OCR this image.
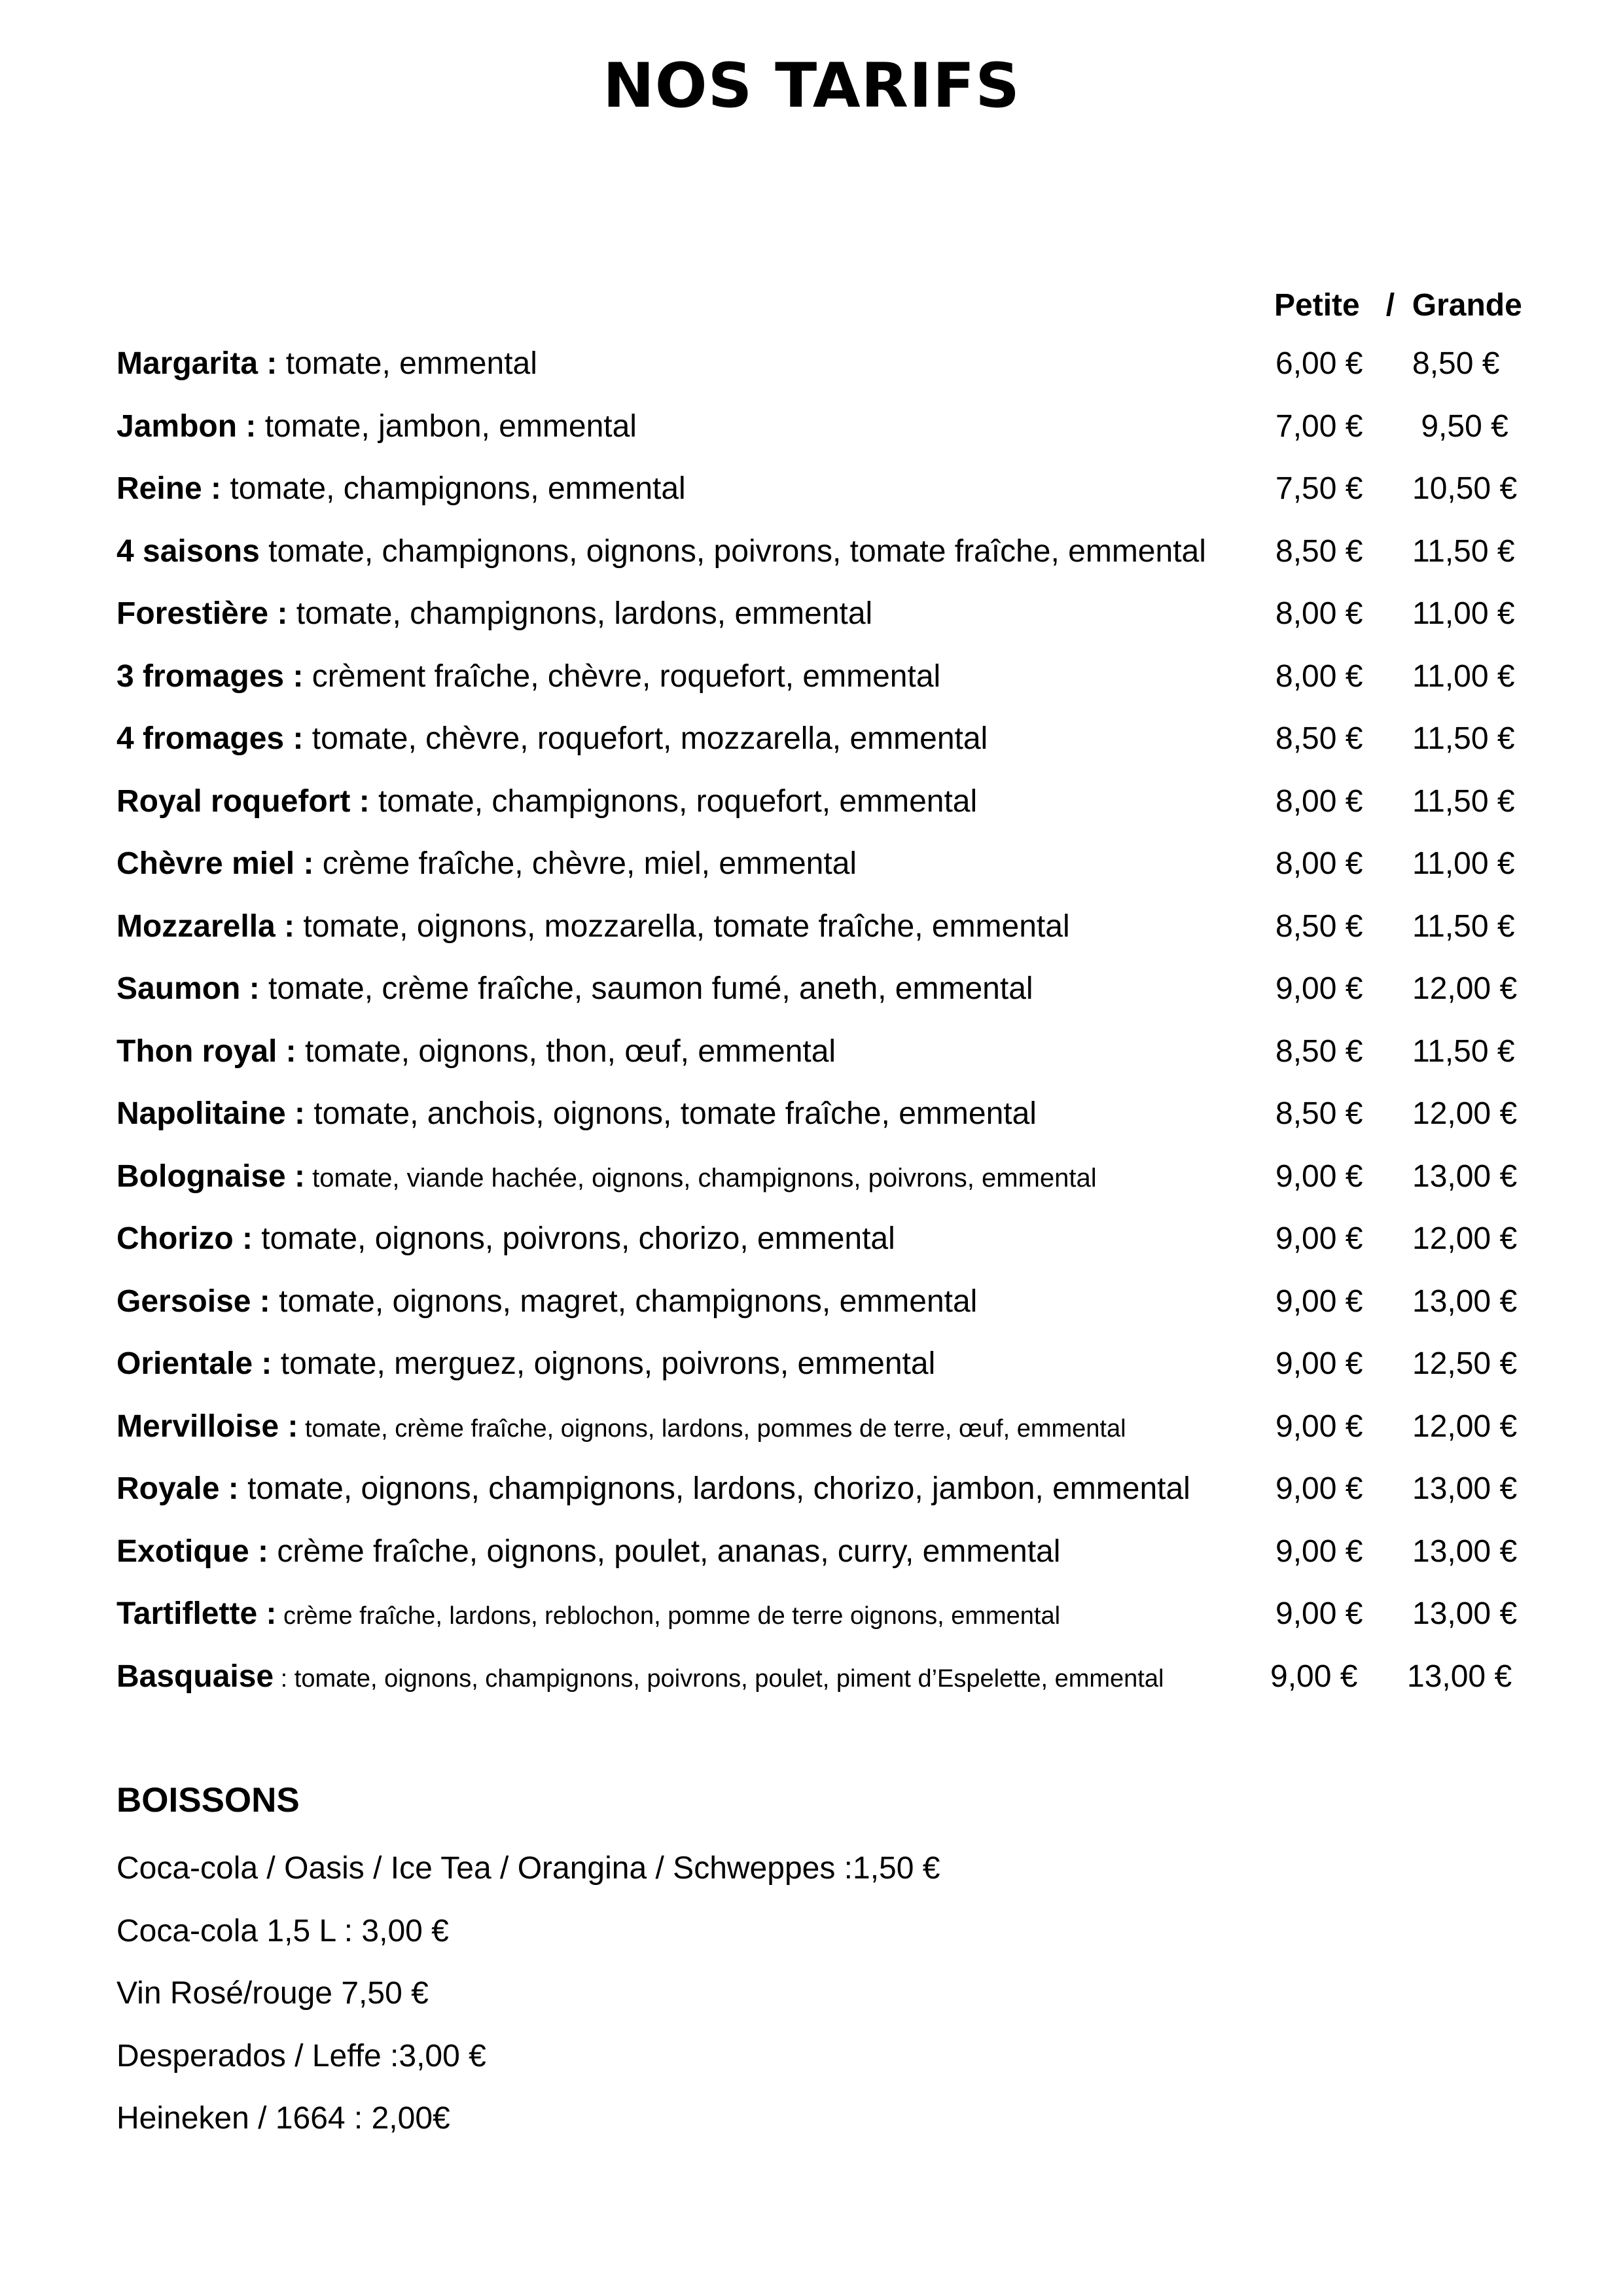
NOS TARIFS
Petite   /  Grande
Margarita : tomate, emmental	6,00 € 8,50 €
Jambon : tomate, jambon, emmental	7,00 € 9,50 €
Reine : tomate, champignons, emmental	7,50 € 10,50 €
4 saisons tomate, champignons, oignons, poivrons, tomate fraîche, emmental 8,50 € 11,50 €
Forestière : tomate, champignons, lardons, emmental	8,00 € 11,00 €
3 fromages : crèment fraîche, chèvre, roquefort, emmental	8,00 € 11,00 €
4 fromages : tomate, chèvre, roquefort, mozzarella, emmental	8,50 € 11,50 €
Royal roquefort : tomate, champignons, roquefort, emmental	8,00 € 11,50 €
Chèvre miel : crème fraîche, chèvre, miel, emmental	8,00 € 11,00 €
Mozzarella : tomate, oignons, mozzarella, tomate fraîche, emmental	8,50 € 11,50 €
Saumon : tomate, crème fraîche, saumon fumé, aneth, emmental	9,00 € 12,00 €
Thon royal : tomate, oignons, thon, œuf, emmental	8,50 € 11,50 €
Napolitaine : tomate, anchois, oignons, tomate fraîche, emmental	8,50 € 12,00 €
Bolognaise : tomate, viande hachée, oignons, champignons, poivrons, emmental	9,00 € 13,00 €
Chorizo : tomate, oignons, poivrons, chorizo, emmental	9,00 € 12,00 €
Gersoise : tomate, oignons, magret, champignons, emmental	9,00 € 13,00 €
Orientale : tomate, merguez, oignons, poivrons, emmental	9,00 € 12,50 €
Mervilloise : tomate, crème fraîche, oignons, lardons, pommes de terre, œuf, emmental	9,00 € 12,00 €
Royale : tomate, oignons, champignons, lardons, chorizo, jambon, emmental	9,00 € 13,00 €
Exotique : crème fraîche, oignons, poulet, ananas, curry, emmental	9,00 € 13,00 €
Tartiflette : crème fraîche, lardons, reblochon, pomme de terre oignons, emmental	9,00 € 13,00 €
Basquaise : tomate, oignons, champignons, poivrons, poulet, piment d’Espelette, emmental	9,00 € 13,00 €
BOISSONS
Coca-cola / Oasis / Ice Tea / Orangina / Schweppes :1,50 €
Coca-cola 1,5 L : 3,00 €
Vin Rosé/rouge 7,50 €
Desperados / Leffe :3,00 €
Heineken / 1664 : 2,00€
